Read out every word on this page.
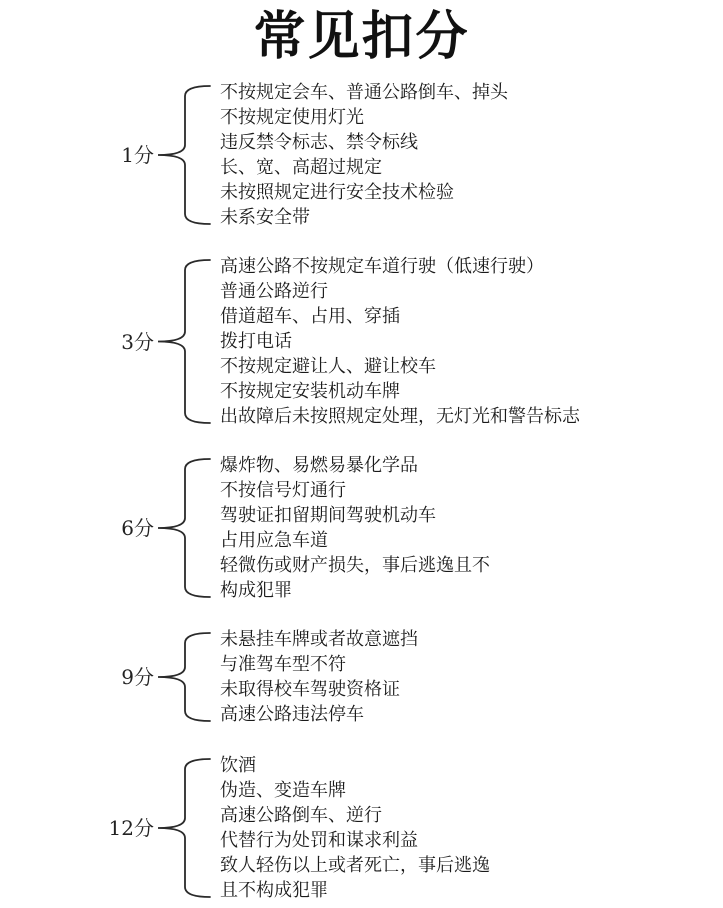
常见扣分
1分
不按规定会车、普通公路倒车、掉头
不按规定使用灯光
违反禁令标志、禁令标线
长、宽、高超过规定
未按照规定进行安全技术检验
未系安全带
3分
高速公路不按规定车道行驶（低速行驶）
普通公路逆行
借道超车、占用、穿插
拨打电话
不按规定避让人、避让校车
不按规定安装机动车牌
出故障后未按照规定处理，无灯光和警告标志
6分
爆炸物、易燃易暴化学品
不按信号灯通行
驾驶证扣留期间驾驶机动车
占用应急车道
轻微伤或财产损失，事后逃逸且不
构成犯罪
9分
未悬挂车牌或者故意遮挡
与准驾车型不符
未取得校车驾驶资格证
高速公路违法停车
12分
饮酒
伪造、变造车牌
高速公路倒车、逆行
代替行为处罚和谋求利益
致人轻伤以上或者死亡，事后逃逸
且不构成犯罪
